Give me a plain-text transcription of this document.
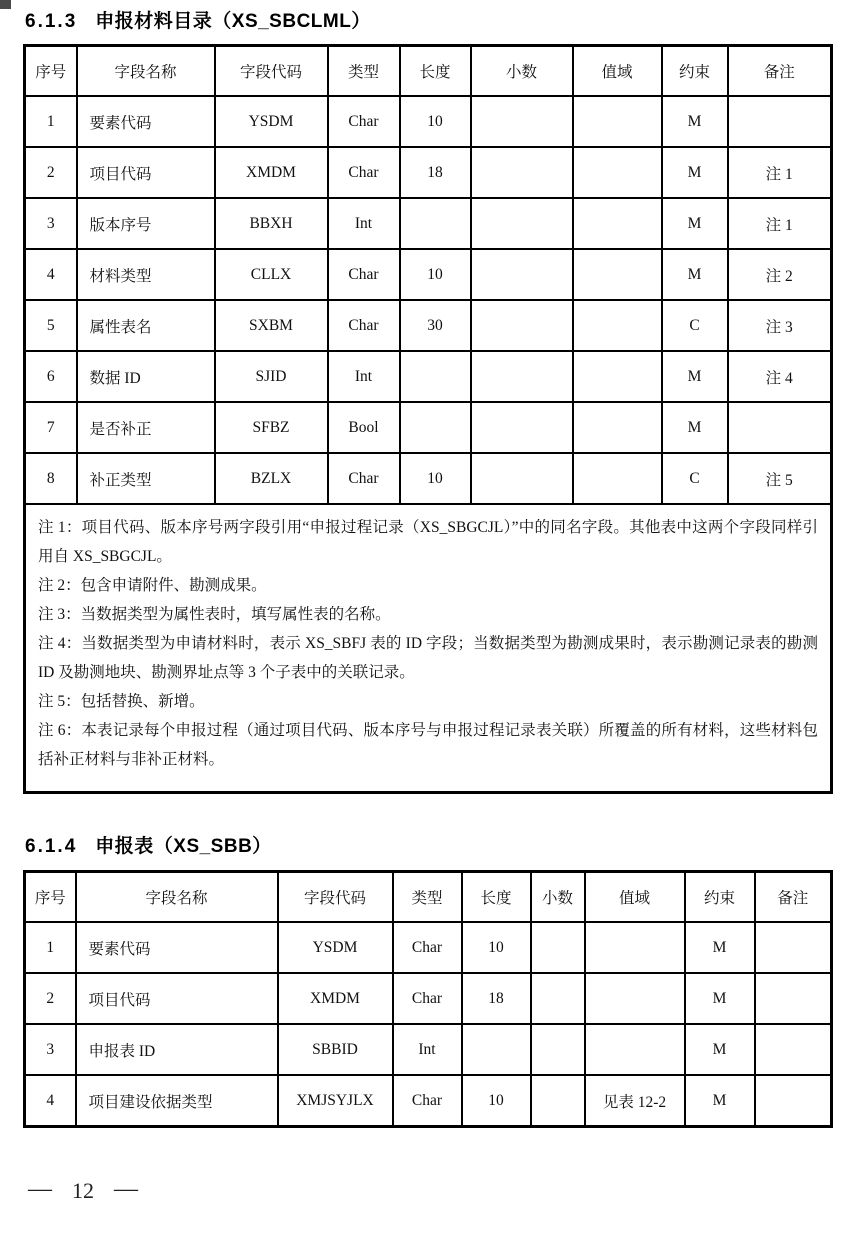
6.1.3 申报材料目录（XS_SBCLML）
序号	字段名称	字段代码	类型	长度	小数	值域	约束	备注
1	要素代码	YSDM	Char	10			M	
2	项目代码	XMDM	Char	18			M	注 1
3	版本序号	BBXH	Int				M	注 1
4	材料类型	CLLX	Char	10			M	注 2
5	属性表名	SXBM	Char	30			C	注 3
6	数据 ID	SJID	Int				M	注 4
7	是否补正	SFBZ	Bool				M	
8	补正类型	BZLX	Char	10			C	注 5

注 1：项目代码、版本序号两字段引用“申报过程记录（XS_SBGCJL）”中的同名字段。其他表中这两个字段同样引用自 XS_SBGCJL。

注 2：包含申请附件、勘测成果。

注 3：当数据类型为属性表时，填写属性表的名称。

注 4：当数据类型为申请材料时，表示 XS_SBFJ 表的 ID 字段；当数据类型为勘测成果时，表示勘测记录表的勘测 ID 及勘测地块、勘测界址点等 3 个子表中的关联记录。

注 5：包括替换、新增。

注 6：本表记录每个申报过程（通过项目代码、版本序号与申报过程记录表关联）所覆盖的所有材料，这些材料包括补正材料与非补正材料。

6.1.4 申报表（XS_SBB）
序号	字段名称	字段代码	类型	长度	小数	值域	约束	备注
1	要素代码	YSDM	Char	10			M	
2	项目代码	XMDM	Char	18			M	
3	申报表 ID	SBBID	Int				M	
4	项目建设依据类型	XMJSYJLX	Char	10		见表 12-2	M	
— 12 —
